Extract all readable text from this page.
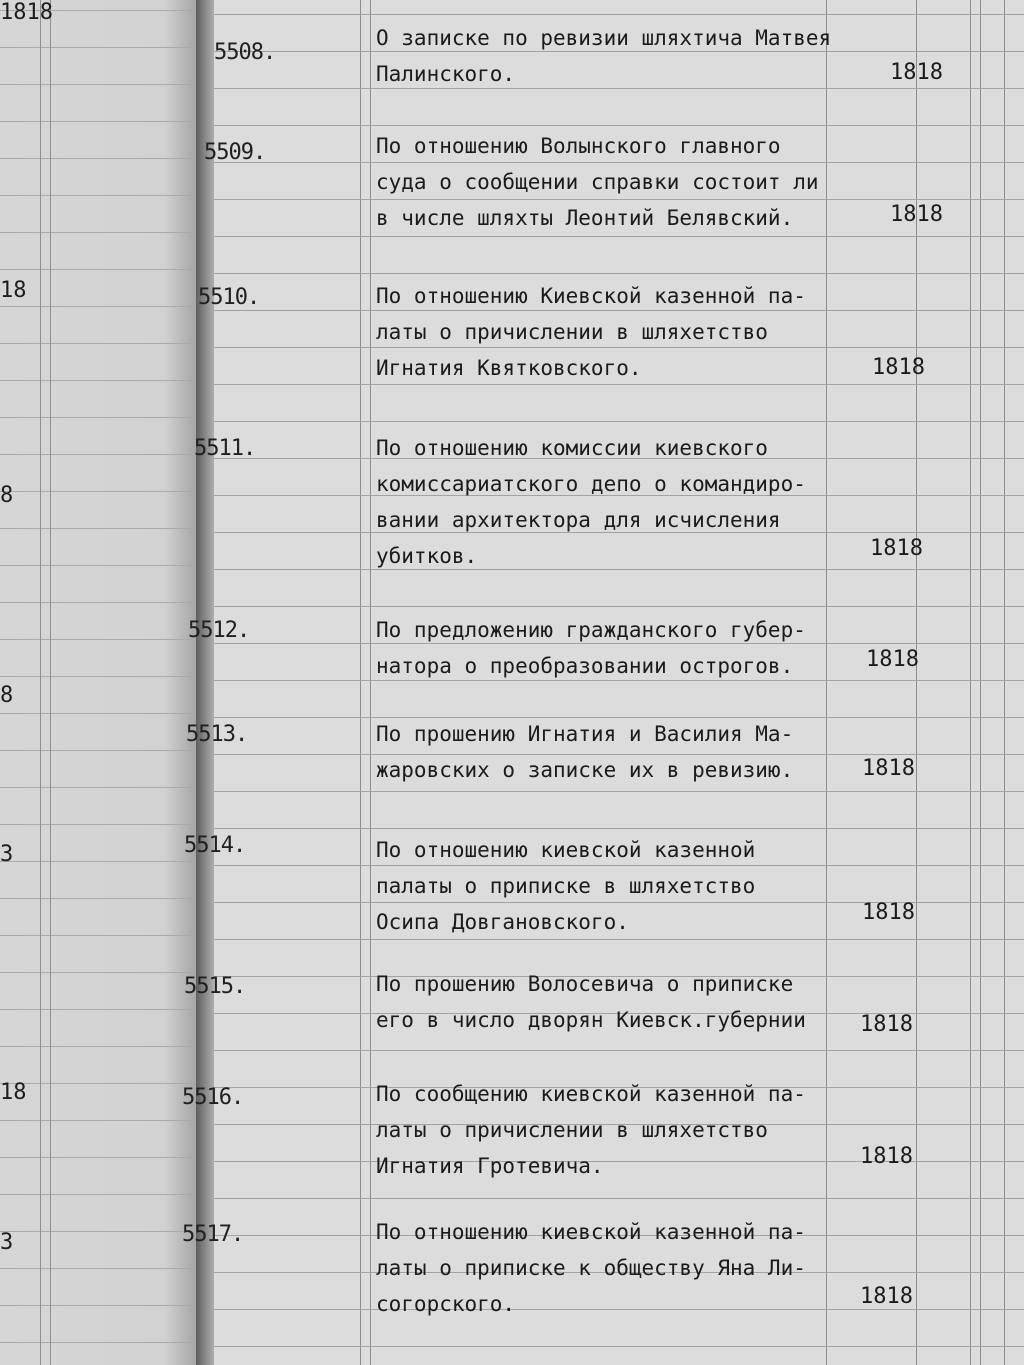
1818
18
8
8
3
18
3
5508.
О записке по ревизии шляхтича Матвея
Палинского.	1818
5509.	По отношению Волынского главного
суда о сообщении справки состоит ли
в числе шляхты Леонтий Белявский.	1818
5510.	По отношению Киевской казенной па-
латы о причислении в шляхетство
Игнатия Квятковского.	1818
5511.	По отношению комиссии киевского
комиссариатского депо о командиро-
вании архитектора для исчисления
убитков.	1818
5512.	По предложению гражданского губер-
натора о преобразовании острогов.	1818
5513.	По прошению Игнатия и Василия Ма-
жаровских о записке их в ревизию.	1818
5514.	По отношению киевской казенной
палаты о приписке в шляхетство
Осипа Довгановского.	1818
5515.	По прошению Волосевича о приписке
его в число дворян Киевск.губернии	1818
5516.	По сообщению киевской казенной па-
латы о причислении в шляхетство
Игнатия Гротевича.	1818
5517.	По отношению киевской казенной па-
латы о приписке к обществу Яна Ли-
согорского.	1818
